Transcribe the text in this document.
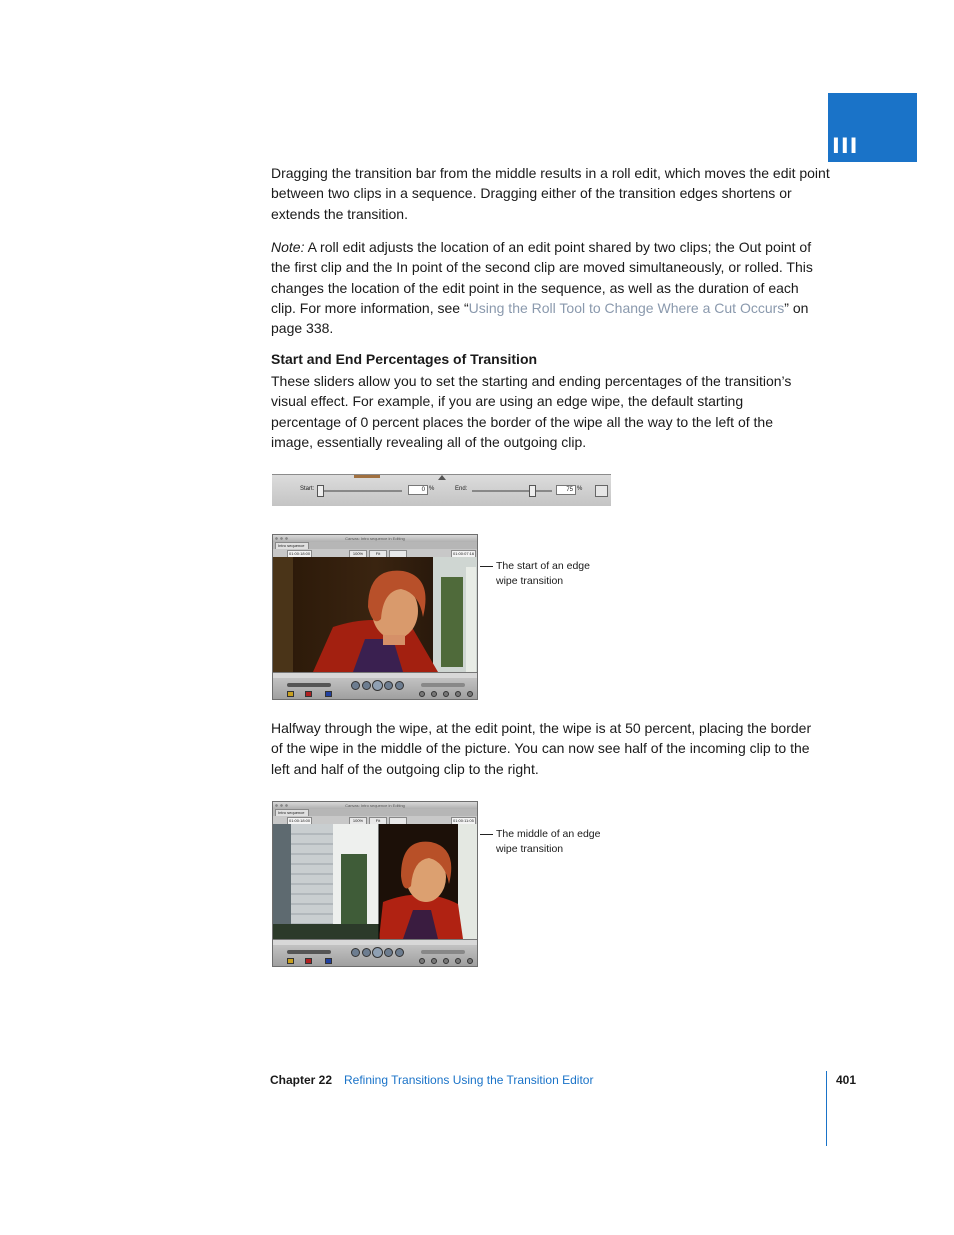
III

Dragging the transition bar from the middle results in a roll edit, which moves the edit point between two clips in a sequence. Dragging either of the transition edges shortens or extends the transition.

Note: A roll edit adjusts the location of an edit point shared by two clips; the Out point of the first clip and the In point of the second clip are moved simultaneously, or rolled. This changes the location of the edit point in the sequence, as well as the duration of each clip. For more information, see “Using the Roll Tool to Change Where a Cut Occurs” on page 338.

Start and End Percentages of Transition

These sliders allow you to set the starting and ending percentages of the transition’s visual effect. For example, if you are using an edge wipe, the default starting percentage of 0 percent places the border of the wipe all the way to the left of the image, essentially revealing all of the outgoing clip.

Start:	0 %	End:	75 %
Canvas: Intro sequence in Editing
Intro sequence
01:00:18:00	100%	Fit	01:00:07:16
The start of an edge
wipe transition

Halfway through the wipe, at the edit point, the wipe is at 50 percent, placing the border of the wipe in the middle of the picture. You can now see half of the incoming clip to the left and half of the outgoing clip to the right.

Canvas: Intro sequence in Editing
Intro sequence
01:00:18:00	100%	Fit	01:00:11:05
The middle of an edge
wipe transition
Chapter 22 Refining Transitions Using the Transition Editor	401
